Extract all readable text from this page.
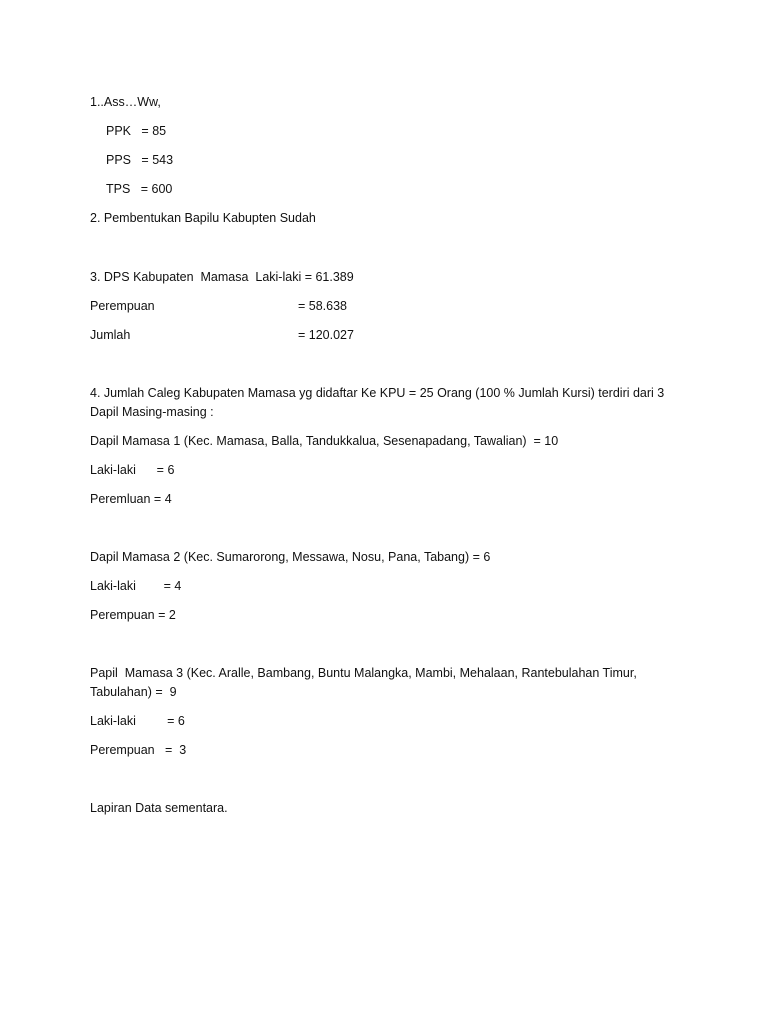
1..Ass…Ww,

PPK   = 85

PPS   = 543

TPS   = 600

2. Pembentukan Bapilu Kabupten Sudah

3. DPS Kabupaten  Mamasa  Laki-laki = 61.389

Perempuan	= 58.638

Jumlah	= 120.027

4. Jumlah Caleg Kabupaten Mamasa yg didaftar Ke KPU = 25 Orang (100 % Jumlah Kursi) terdiri dari 3

Dapil Masing-masing :

Dapil Mamasa 1 (Kec. Mamasa, Balla, Tandukkalua, Sesenapadang, Tawalian)  = 10

Laki-laki      = 6

Peremluan = 4

Dapil Mamasa 2 (Kec. Sumarorong, Messawa, Nosu, Pana, Tabang) = 6

Laki-laki        = 4

Perempuan = 2

Papil  Mamasa 3 (Kec. Aralle, Bambang, Buntu Malangka, Mambi, Mehalaan, Rantebulahan Timur,

Tabulahan) =  9

Laki-laki         = 6

Perempuan   =  3

Lapiran Data sementara.
